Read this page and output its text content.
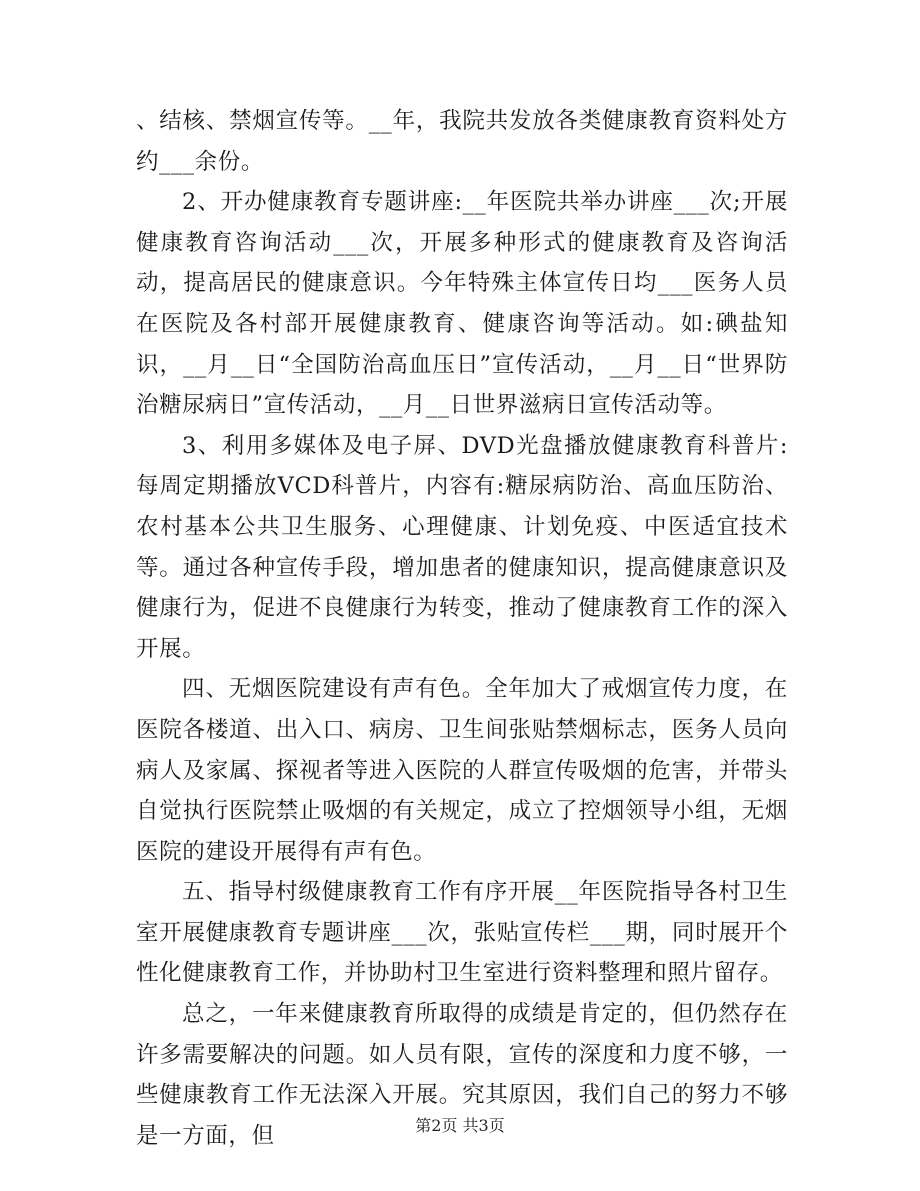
、结核、禁烟宣传等。__年，我院共发放各类健康教育资料处方约___余份。

2、开办健康教育专题讲座:__年医院共举办讲座___次;开展健康教育咨询活动___次，开展多种形式的健康教育及咨询活动，提高居民的健康意识。今年特殊主体宣传日均___医务人员在医院及各村部开展健康教育、健康咨询等活动。如:碘盐知识，__月__日“全国防治高血压日”宣传活动，__月__日“世界防治糖尿病日”宣传活动，__月__日世界滋病日宣传活动等。

3、利用多媒体及电子屏、DVD光盘播放健康教育科普片:每周定期播放VCD科普片，内容有:糖尿病防治、高血压防治、农村基本公共卫生服务、心理健康、计划免疫、中医适宜技术等。通过各种宣传手段，增加患者的健康知识，提高健康意识及健康行为，促进不良健康行为转变，推动了健康教育工作的深入开展。

四、无烟医院建设有声有色。全年加大了戒烟宣传力度，在医院各楼道、出入口、病房、卫生间张贴禁烟标志，医务人员向病人及家属、探视者等进入医院的人群宣传吸烟的危害，并带头自觉执行医院禁止吸烟的有关规定，成立了控烟领导小组，无烟医院的建设开展得有声有色。

五、指导村级健康教育工作有序开展__年医院指导各村卫生室开展健康教育专题讲座___次，张贴宣传栏___期，同时展开个性化健康教育工作，并协助村卫生室进行资料整理和照片留存。

总之，一年来健康教育所取得的成绩是肯定的，但仍然存在许多需要解决的问题。如人员有限，宣传的深度和力度不够，一些健康教育工作无法深入开展。究其原因，我们自己的努力不够是一方面，但	第2页 共3页
